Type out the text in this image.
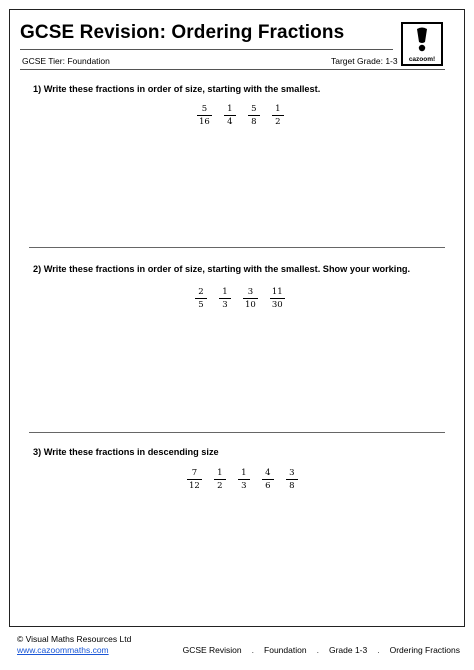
GCSE Revision: Ordering Fractions
GCSE Tier: Foundation	Target Grade: 1-3	cazoom!
1) Write these fractions in order of size, starting with the smallest.
$\frac{5}{16} \frac{1}{4} \frac{5}{8} \frac{1}{2}$
2) Write these fractions in order of size, starting with the smallest. Show your working.
$\frac{2}{5} \frac{1}{3} \frac{3}{10} \frac{11}{30}$
3) Write these fractions in descending size
$\frac{7}{12} \frac{1}{2} \frac{1}{3} \frac{4}{6} \frac{3}{8}$
© Visual Maths Resources Ltd
www.cazoommaths.com	GCSE Revision . Foundation . Grade 1-3 . Ordering Fractions
